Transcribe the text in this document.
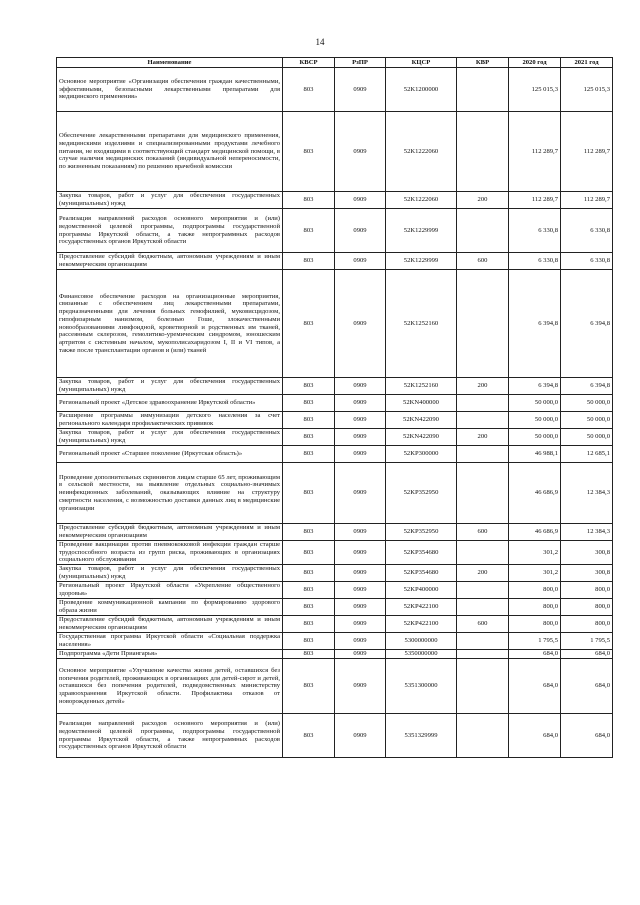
14
Наименование	КВСР	РзПР	КЦСР	КВР	2020 год	2021 год
Основное мероприятие «Организация обеспечения граждан качественными, эффективными, безопасными лекарственными препаратами для медицинского применения»	803	0909	52K1200000		125 015,3	125 015,3
Обеспечение лекарственными препаратами для медицинского применения, медицинскими изделиями и специализированными продуктами лечебного питания, не входящими в соответствующий стандарт медицинской помощи, в случае наличия медицинских показаний (индивидуальной непереносимости, по жизненным показаниям) по решению врачебной комиссии	803	0909	52K1222060		112 289,7	112 289,7
Закупка товаров, работ и услуг для обеспечения государственных (муниципальных) нужд	803	0909	52K1222060	200	112 289,7	112 289,7
Реализация направлений расходов основного мероприятия и (или) ведомственной целевой программы, подпрограммы государственной программы Иркутской области, а также непрограммных расходов государственных органов Иркутской области	803	0909	52K1229999		6 330,8	6 330,8
Предоставление субсидий бюджетным, автономным учреждениям и иным некоммерческим организациям	803	0909	52K1229999	600	6 330,8	6 330,8
Финансовое обеспечение расходов на организационные мероприятия, связанные с обеспечением лиц лекарственными препаратами, предназначенными для лечения больных гемофилией, муковисцидозом, гипофизарным нанизмом, болезнью Гоше, злокачественными новообразованиями лимфоидной, кроветворной и родственных им тканей, рассеянным склерозом, гемолитико-уремическим синдромом, юношеским артритом с системным началом, мукополисахаридозом I, II и VI типов, а также после трансплантации органов и (или) тканей	803	0909	52K1252160		6 394,8	6 394,8
Закупка товаров, работ и услуг для обеспечения государственных (муниципальных) нужд	803	0909	52K1252160	200	6 394,8	6 394,8
Региональный проект «Детское здравоохранение Иркутской области»	803	0909	52KN400000		50 000,0	50 000,0
Расширение программы иммунизации детского населения за счет регионального календаря профилактических прививок	803	0909	52KN422090		50 000,0	50 000,0
Закупка товаров, работ и услуг для обеспечения государственных (муниципальных) нужд	803	0909	52KN422090	200	50 000,0	50 000,0
Региональный проект «Старшее поколение (Иркутская область)»	803	0909	52KP300000		46 988,1	12 685,1
Проведение дополнительных скринингов лицам старше 65 лет, проживающим в сельской местности, на выявление отдельных социально-значимых неинфекционных заболеваний, оказывающих влияние на структуру смертности населения, с возможностью доставки данных лиц в медицинские организации	803	0909	52KP352950		46 686,9	12 384,3
Предоставление субсидий бюджетным, автономным учреждениям и иным некоммерческим организациям	803	0909	52KP352950	600	46 686,9	12 384,3
Проведение вакцинации против пневмококковой инфекции граждан старше трудоспособного возраста из групп риска, проживающих в организациях социального обслуживания	803	0909	52KP354680		301,2	300,8
Закупка товаров, работ и услуг для обеспечения государственных (муниципальных) нужд	803	0909	52KP354680	200	301,2	300,8
Региональный проект Иркутской области «Укрепление общественного здоровья»	803	0909	52KP400000		800,0	800,0
Проведение коммуникационной кампании по формированию здорового образа жизни	803	0909	52KP422100		800,0	800,0
Предоставление субсидий бюджетным, автономным учреждениям и иным некоммерческим организациям	803	0909	52KP422100	600	800,0	800,0
Государственная программа Иркутской области «Социальная поддержка населения»	803	0909	5300000000		1 795,5	1 795,5
Подпрограмма «Дети Приангарья»	803	0909	5350000000		684,0	684,0
Основное мероприятие «Улучшение качества жизни детей, оставшихся без попечения родителей, проживающих в организациях для детей-сирот и детей, оставшихся без попечения родителей, подведомственных министерству здравоохранения Иркутской области. Профилактика отказов от новорожденных детей»	803	0909	5351300000		684,0	684,0
Реализация направлений расходов основного мероприятия и (или) ведомственной целевой программы, подпрограммы государственной программы Иркутской области, а также непрограммных расходов государственных органов Иркутской области	803	0909	5351329999		684,0	684,0
